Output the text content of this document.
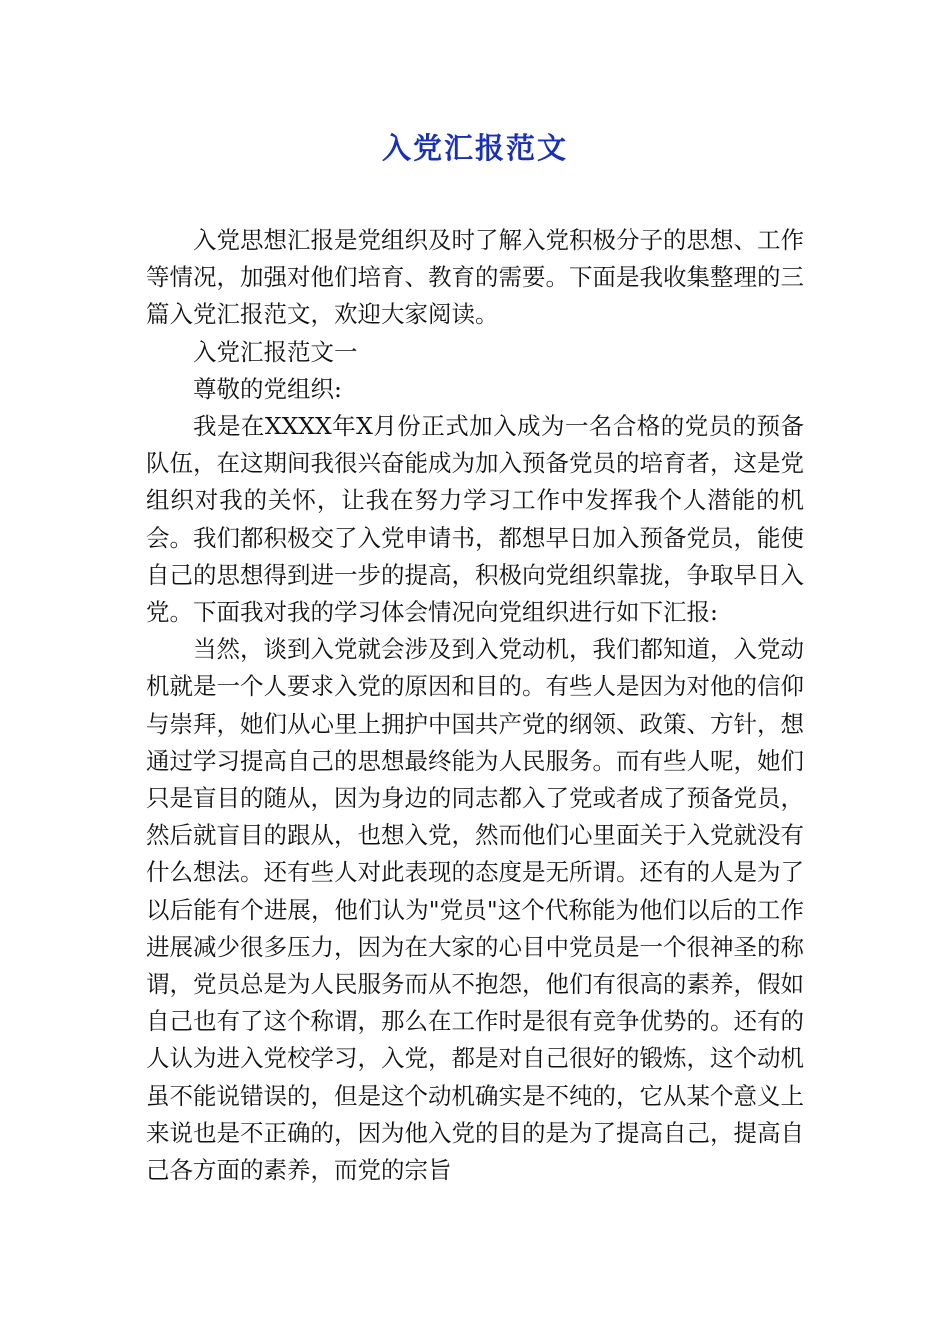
入党汇报范文

入党思想汇报是党组织及时了解入党积极分子的思想、工作等情况，加强对他们培育、教育的需要。下面是我收集整理的三篇入党汇报范文，欢迎大家阅读。

入党汇报范文一

尊敬的党组织:

我是在XXXX年X月份正式加入成为一名合格的党员的预备队伍，在这期间我很兴奋能成为加入预备党员的培育者，这是党组织对我的关怀，让我在努力学习工作中发挥我个人潜能的机会。我们都积极交了入党申请书，都想早日加入预备党员，能使自己的思想得到进一步的提高，积极向党组织靠拢，争取早日入党。下面我对我的学习体会情况向党组织进行如下汇报:

当然，谈到入党就会涉及到入党动机，我们都知道，入党动机就是一个人要求入党的原因和目的。有些人是因为对他的信仰与崇拜，她们从心里上拥护中国共产党的纲领、政策、方针，想通过学习提高自己的思想最终能为人民服务。而有些人呢，她们只是盲目的随从，因为身边的同志都入了党或者成了预备党员，然后就盲目的跟从，也想入党，然而他们心里面关于入党就没有什么想法。还有些人对此表现的态度是无所谓。还有的人是为了以后能有个进展，他们认为"党员"这个代称能为他们以后的工作进展减少很多压力，因为在大家的心目中党员是一个很神圣的称谓，党员总是为人民服务而从不抱怨，他们有很高的素养，假如自己也有了这个称谓，那么在工作时是很有竞争优势的。还有的人认为进入党校学习，入党，都是对自己很好的锻炼，这个动机虽不能说错误的，但是这个动机确实是不纯的，它从某个意义上来说也是不正确的，因为他入党的目的是为了提高自己，提高自己各方面的素养，而党的宗旨
